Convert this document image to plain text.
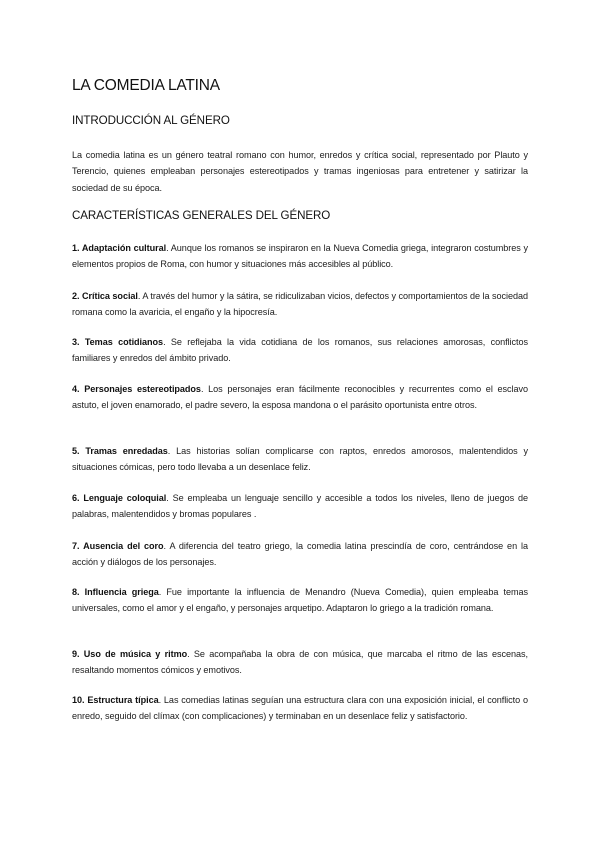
LA COMEDIA LATINA
INTRODUCCIÓN AL GÉNERO

La comedia latina es un género teatral romano con humor, enredos y crítica social, representado por Plauto y Terencio, quienes empleaban personajes estereotipados y tramas ingeniosas para entretener y satirizar la sociedad de su época.

CARACTERÍSTICAS GENERALES DEL GÉNERO

1. Adaptación cultural. Aunque los romanos se inspiraron en la Nueva Comedia griega, integraron costumbres y elementos propios de Roma, con humor y situaciones más accesibles al público.

2. Crítica social. A través del humor y la sátira, se ridiculizaban vicios, defectos y comportamientos de la sociedad romana como la avaricia, el engaño y la hipocresía.

3. Temas cotidianos. Se reflejaba la vida cotidiana de los romanos, sus relaciones amorosas, conflictos familiares y enredos del ámbito privado.

4. Personajes estereotipados. Los personajes eran fácilmente reconocibles y recurrentes como el esclavo astuto, el joven enamorado, el padre severo, la esposa mandona o el parásito oportunista entre otros.

5. Tramas enredadas. Las historias solían complicarse con raptos, enredos amorosos, malentendidos y situaciones cómicas, pero todo llevaba a un desenlace feliz.

6. Lenguaje coloquial. Se empleaba un lenguaje sencillo y accesible a todos los niveles, lleno de juegos de palabras, malentendidos y bromas populares .

7. Ausencia del coro. A diferencia del teatro griego, la comedia latina prescindía de coro, centrándose en la acción y diálogos de los personajes.

8. Influencia griega. Fue importante la influencia de Menandro (Nueva Comedia), quien empleaba temas universales, como el amor y el engaño, y personajes arquetipo. Adaptaron lo griego a la tradición romana.

9. Uso de música y ritmo. Se acompañaba la obra de con música, que marcaba el ritmo de las escenas, resaltando momentos cómicos y emotivos.

10. Estructura típica. Las comedias latinas seguían una estructura clara con una exposición inicial, el conflicto o enredo, seguido del clímax (con complicaciones) y terminaban en un desenlace feliz y satisfactorio.
